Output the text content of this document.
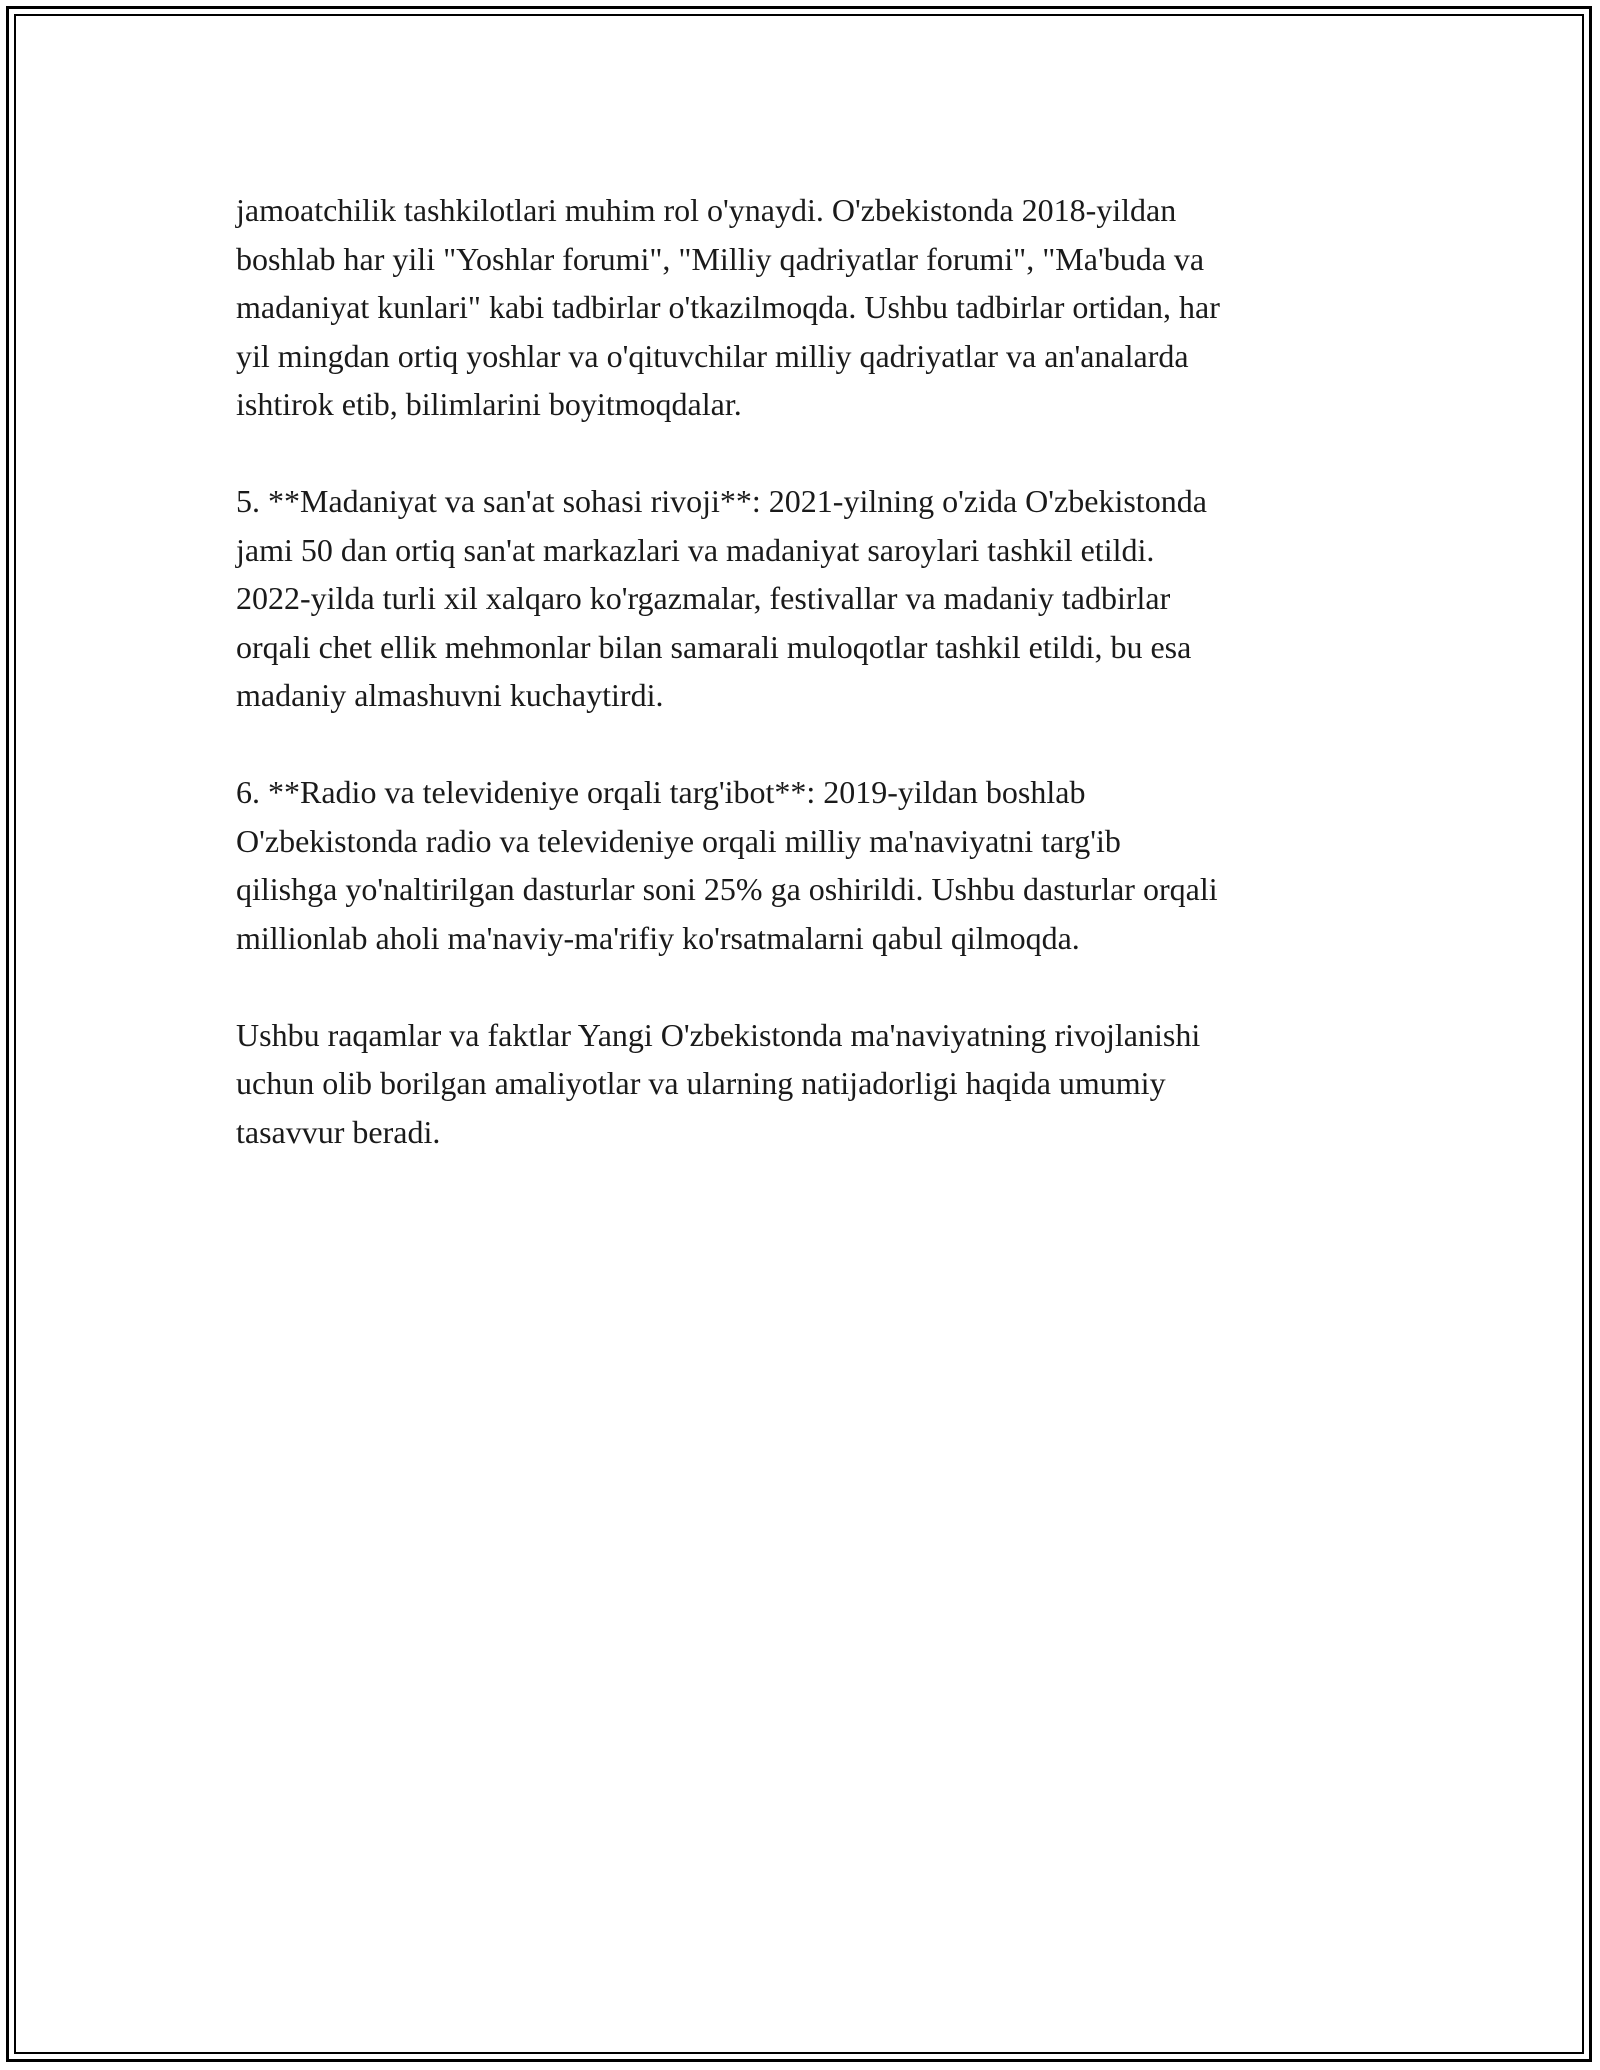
jamoatchilik tashkilotlari muhim rol o'ynaydi. O'zbekistonda 2018-yildan
boshlab har yili "Yoshlar forumi", "Milliy qadriyatlar forumi", "Ma'buda va
madaniyat kunlari" kabi tadbirlar o'tkazilmoqda. Ushbu tadbirlar ortidan, har
yil mingdan ortiq yoshlar va o'qituvchilar milliy qadriyatlar va an'analarda
ishtirok etib, bilimlarini boyitmoqdalar.

5. **Madaniyat va san'at sohasi rivoji**: 2021-yilning o'zida O'zbekistonda
jami 50 dan ortiq san'at markazlari va madaniyat saroylari tashkil etildi.
2022-yilda turli xil xalqaro ko'rgazmalar, festivallar va madaniy tadbirlar
orqali chet ellik mehmonlar bilan samarali muloqotlar tashkil etildi, bu esa
madaniy almashuvni kuchaytirdi.

6. **Radio va televideniye orqali targ'ibot**: 2019-yildan boshlab
O'zbekistonda radio va televideniye orqali milliy ma'naviyatni targ'ib
qilishga yo'naltirilgan dasturlar soni 25% ga oshirildi. Ushbu dasturlar orqali
millionlab aholi ma'naviy-ma'rifiy ko'rsatmalarni qabul qilmoqda.

Ushbu raqamlar va faktlar Yangi O'zbekistonda ma'naviyatning rivojlanishi
uchun olib borilgan amaliyotlar va ularning natijadorligi haqida umumiy
tasavvur beradi.
